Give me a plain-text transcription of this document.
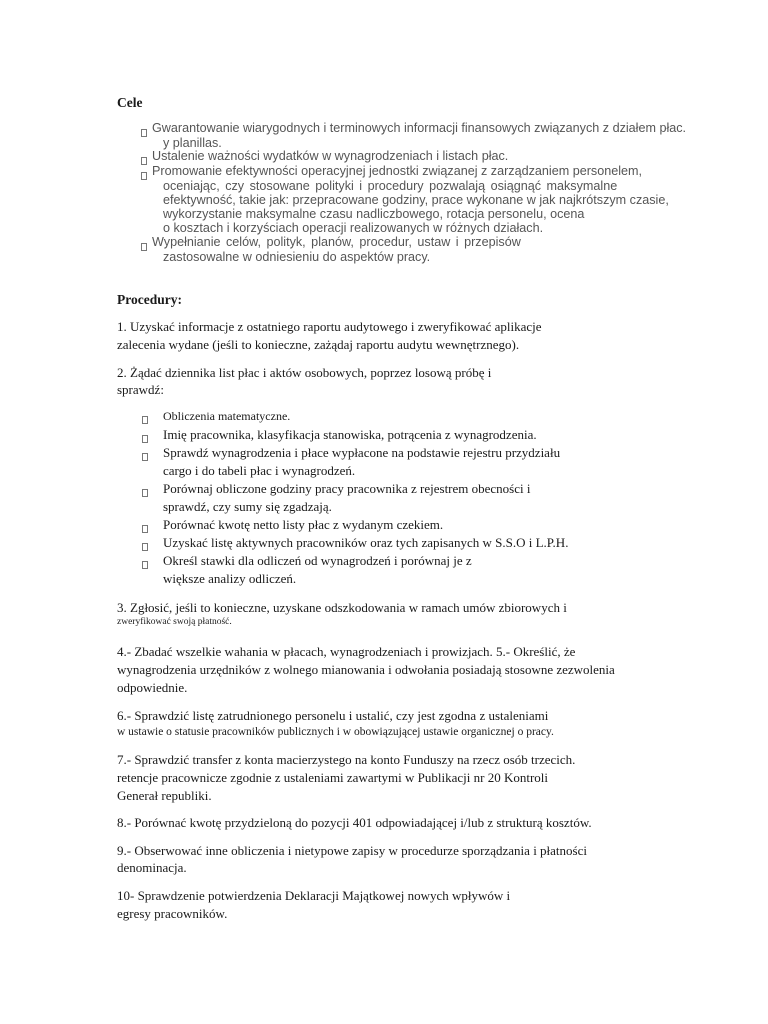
Cele
Gwarantowanie wiarygodnych i terminowych informacji finansowych związanych z działem płac.
y planillas.
Ustalenie ważności wydatków w wynagrodzeniach i listach płac.
Promowanie efektywności operacyjnej jednostki związanej z zarządzaniem personelem,
oceniając, czy stosowane polityki i procedury pozwalają osiągnąć maksymalne
efektywność, takie jak: przepracowane godziny, prace wykonane w jak najkrótszym czasie,
wykorzystanie maksymalne czasu nadliczbowego, rotacja personelu, ocena
o kosztach i korzyściach operacji realizowanych w różnych działach.
Wypełnianie celów, polityk, planów, procedur, ustaw i przepisów
zastosowalne w odniesieniu do aspektów pracy.
Procedury:
1. Uzyskać informacje z ostatniego raportu audytowego i zweryfikować aplikacje
zalecenia wydane (jeśli to konieczne, zażądaj raportu audytu wewnętrznego).
2. Żądać dziennika list płac i aktów osobowych, poprzez losową próbę i
sprawdź:
Obliczenia matematyczne.
Imię pracownika, klasyfikacja stanowiska, potrącenia z wynagrodzenia.
Sprawdź wynagrodzenia i płace wypłacone na podstawie rejestru przydziału
cargo i do tabeli płac i wynagrodzeń.
Porównaj obliczone godziny pracy pracownika z rejestrem obecności i
sprawdź, czy sumy się zgadzają.
Porównać kwotę netto listy płac z wydanym czekiem.
Uzyskać listę aktywnych pracowników oraz tych zapisanych w S.S.O i L.P.H.
Określ stawki dla odliczeń od wynagrodzeń i porównaj je z
większe analizy odliczeń.
3. Zgłosić, jeśli to konieczne, uzyskane odszkodowania w ramach umów zbiorowych i
zweryfikować swoją płatność.
4.- Zbadać wszelkie wahania w płacach, wynagrodzeniach i prowizjach. 5.- Określić, że
wynagrodzenia urzędników z wolnego mianowania i odwołania posiadają stosowne zezwolenia
odpowiednie.
6.- Sprawdzić listę zatrudnionego personelu i ustalić, czy jest zgodna z ustaleniami
w ustawie o statusie pracowników publicznych i w obowiązującej ustawie organicznej o pracy.
7.- Sprawdzić transfer z konta macierzystego na konto Funduszy na rzecz osób trzecich.
retencje pracownicze zgodnie z ustaleniami zawartymi w Publikacji nr 20 Kontroli
Generał republiki.
8.- Porównać kwotę przydzieloną do pozycji 401 odpowiadającej i/lub z strukturą kosztów.
9.- Obserwować inne obliczenia i nietypowe zapisy w procedurze sporządzania i płatności
denominacja.
10- Sprawdzenie potwierdzenia Deklaracji Majątkowej nowych wpływów i
egresy pracowników.
